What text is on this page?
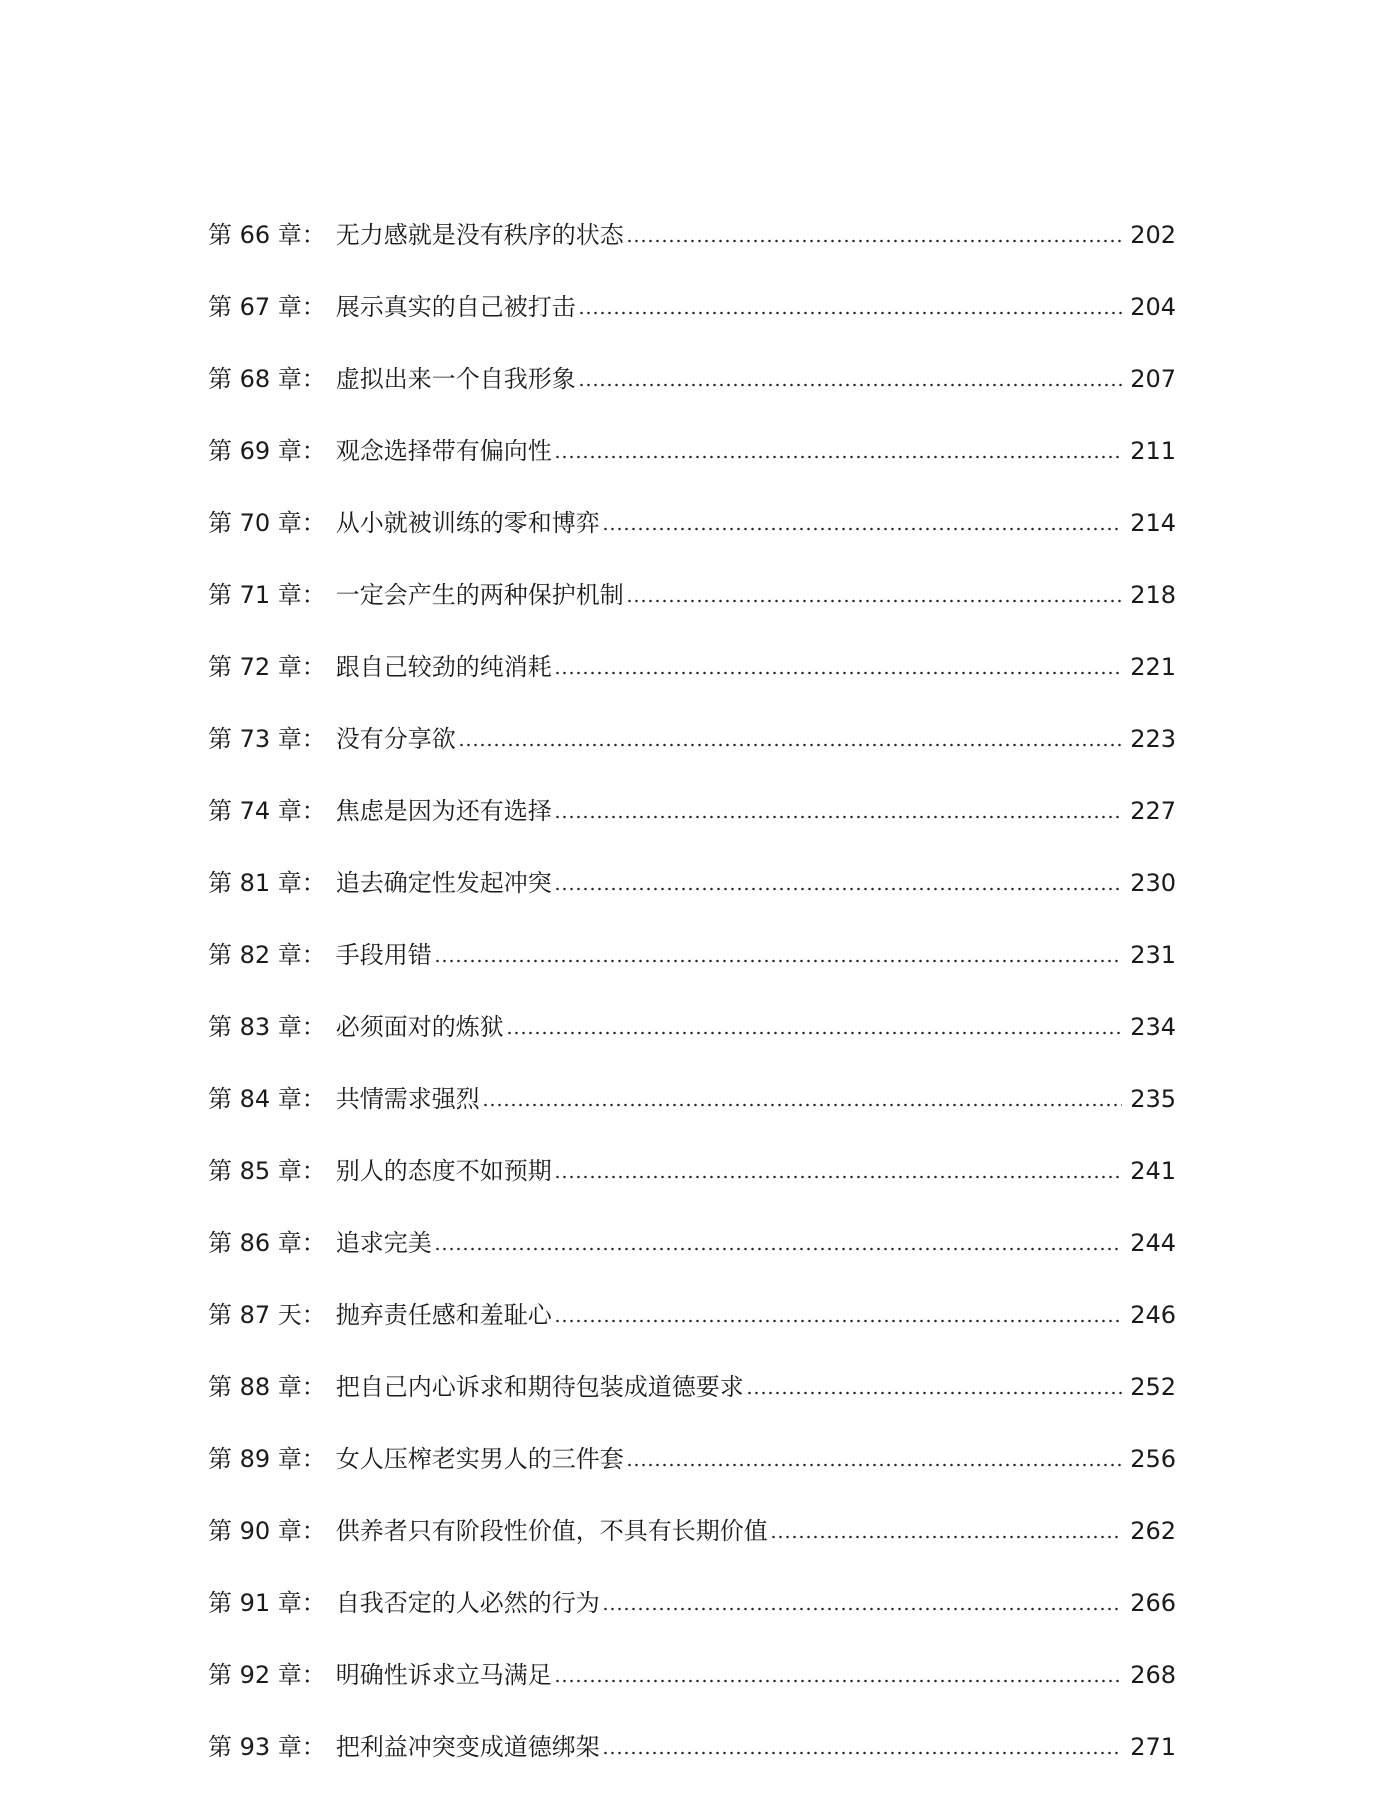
第 66 章 ： 无力感就是没有秩序的状态	202
第 67 章 ： 展示真实的自己被打击	204
第 68 章 ： 虚拟出来一个自我形象	207
第 69 章 ： 观念选择带有偏向性	211
第 70 章 ： 从小就被训练的零和博弈	214
第 71 章 ： 一定会产生的两种保护机制	218
第 72 章 ： 跟自己较劲的纯消耗	221
第 73 章 ： 没有分享欲	223
第 74 章 ： 焦虑是因为还有选择	227
第 81 章 ： 追去确定性发起冲突	230
第 82 章 ： 手段用错	231
第 83 章 ： 必须面对的炼狱	234
第 84 章 ： 共情需求强烈	235
第 85 章 ： 别人的态度不如预期	241
第 86 章 ： 追求完美	244
第 87 天 ： 抛弃责任感和羞耻心	246
第 88 章 ： 把自己内心诉求和期待包装成道德要求	252
第 89 章 ： 女人压榨老实男人的三件套	256
第 90 章 ： 供养者只有阶段性价值，不具有长期价值	262
第 91 章 ： 自我否定的人必然的行为	266
第 92 章 ： 明确性诉求立马满足	268
第 93 章 ： 把利益冲突变成道德绑架	271
